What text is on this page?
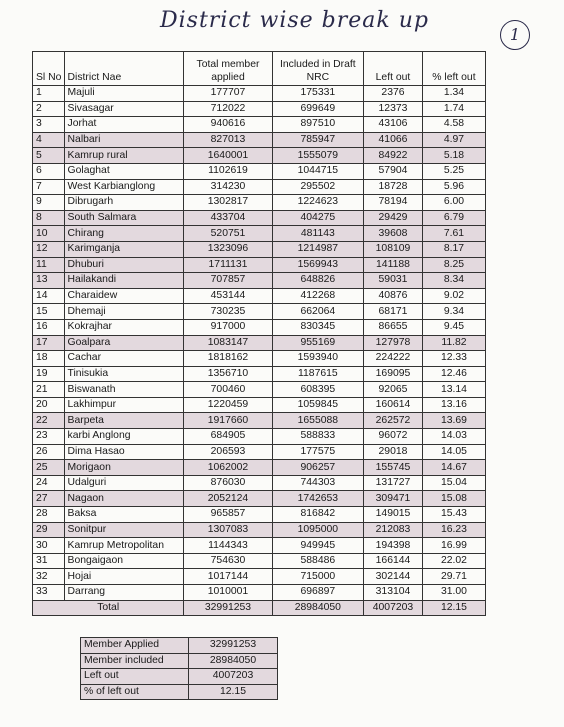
District wise break up
1
Sl No	District Nae	Total member applied	Included in Draft NRC	Left out	% left out
1	Majuli	177707	175331	2376	1.34
2	Sivasagar	712022	699649	12373	1.74
3	Jorhat	940616	897510	43106	4.58
4	Nalbari	827013	785947	41066	4.97
5	Kamrup rural	1640001	1555079	84922	5.18
6	Golaghat	1102619	1044715	57904	5.25
7	West Karbianglong	314230	295502	18728	5.96
9	Dibrugarh	1302817	1224623	78194	6.00
8	South Salmara	433704	404275	29429	6.79
10	Chirang	520751	481143	39608	7.61
12	Karimganja	1323096	1214987	108109	8.17
11	Dhuburi	1711131	1569943	141188	8.25
13	Hailakandi	707857	648826	59031	8.34
14	Charaidew	453144	412268	40876	9.02
15	Dhemaji	730235	662064	68171	9.34
16	Kokrajhar	917000	830345	86655	9.45
17	Goalpara	1083147	955169	127978	11.82
18	Cachar	1818162	1593940	224222	12.33
19	Tinisukia	1356710	1187615	169095	12.46
21	Biswanath	700460	608395	92065	13.14
20	Lakhimpur	1220459	1059845	160614	13.16
22	Barpeta	1917660	1655088	262572	13.69
23	karbi Anglong	684905	588833	96072	14.03
26	Dima Hasao	206593	177575	29018	14.05
25	Morigaon	1062002	906257	155745	14.67
24	Udalguri	876030	744303	131727	15.04
27	Nagaon	2052124	1742653	309471	15.08
28	Baksa	965857	816842	149015	15.43
29	Sonitpur	1307083	1095000	212083	16.23
30	Kamrup Metropolitan	1144343	949945	194398	16.99
31	Bongaigaon	754630	588486	166144	22.02
32	Hojai	1017144	715000	302144	29.71
33	Darrang	1010001	696897	313104	31.00
Total		32991253	28984050	4007203	12.15
Member Applied	32991253
Member included	28984050
Left out	4007203
% of left out	12.15
